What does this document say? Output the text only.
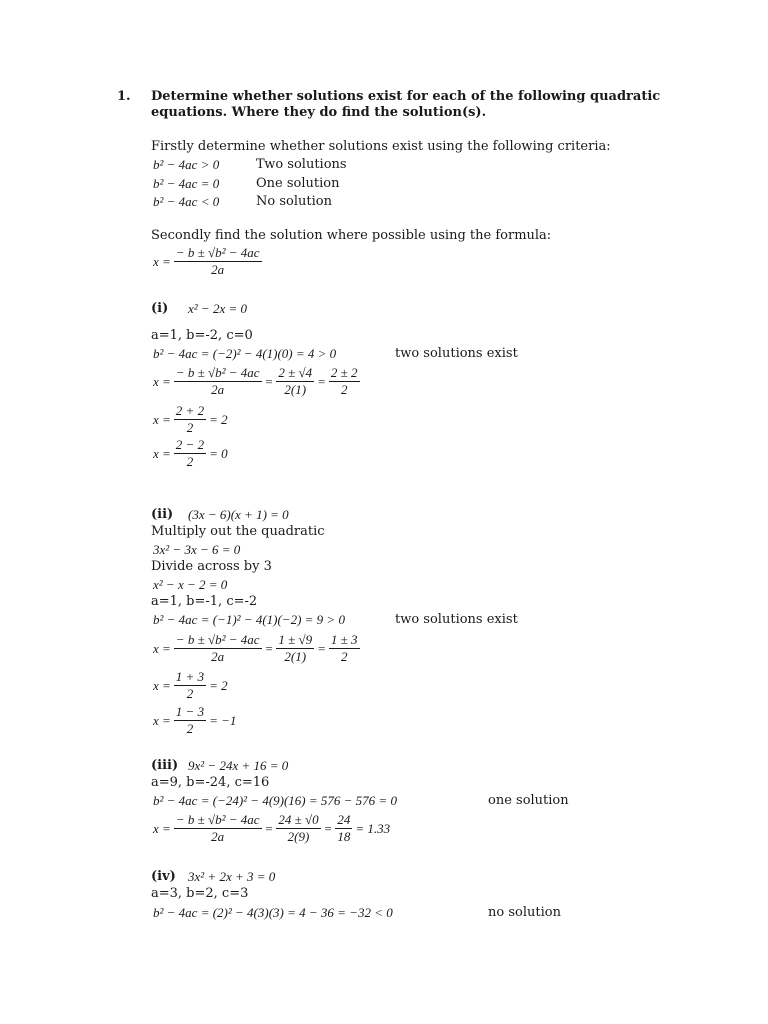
1. Determine whether solutions exist for each of the following quadratic
equations. Where they do find the solution(s).
Firstly determine whether solutions exist using the following criteria:
b² − 4ac > 0	Two solutions
b² − 4ac = 0	One solution
b² − 4ac < 0	No solution
Secondly find the solution where possible using the formula:
$x = \frac{\text{− b ± √b² − 4ac}}{2a}$
(i) x² − 2x = 0
a=1, b=-2, c=0
b² − 4ac = (−2)² − 4(1)(0) = 4 > 0	two solutions exist
$x = \frac{\text{− b ± √b² − 4ac}}{2a} = \frac{2 \pm √4}{2(1)} = \frac{2 \pm 2}{2}$
$x = \frac{2 + 2}{2} = 2$
$x = \frac{2 - 2}{2} = 0$
(ii) (3x − 6)(x + 1) = 0
Multiply out the quadratic
3x² − 3x − 6 = 0
Divide across by 3
x² − x − 2 = 0
a=1, b=-1, c=-2
b² − 4ac = (−1)² − 4(1)(−2) = 9 > 0	two solutions exist
$x = \frac{\text{− b ± √b² − 4ac}}{2a} = \frac{1 \pm √9}{2(1)} = \frac{1 \pm 3}{2}$
$x = \frac{1 + 3}{2} = 2$
$x = \frac{1 - 3}{2} = -1$
(iii) 9x² − 24x + 16 = 0
a=9, b=-24, c=16
b² − 4ac = (−24)² − 4(9)(16) = 576 − 576 = 0	one solution
$x = \frac{\text{− b ± √b² − 4ac}}{2a} = \frac{24 \pm √0}{2(9)} = \frac{24}{18} = 1.33$
(iv) 3x² + 2x + 3 = 0
a=3, b=2, c=3
b² − 4ac = (2)² − 4(3)(3) = 4 − 36 = −32 < 0	no solution
